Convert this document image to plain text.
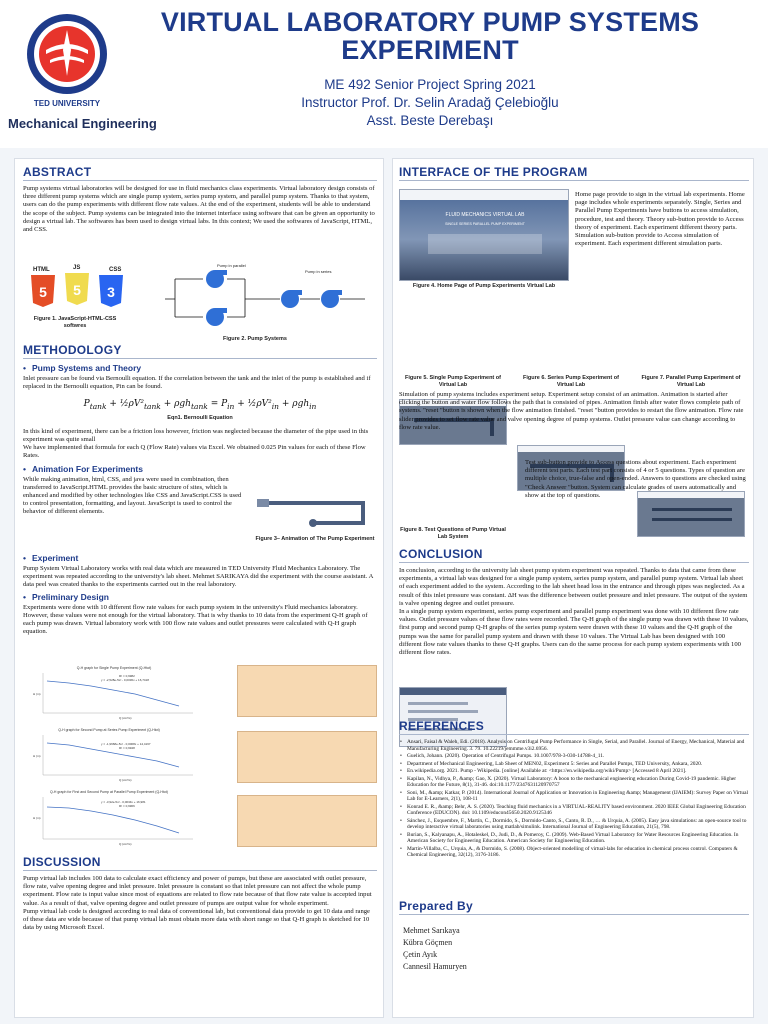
TED UNIVERSITY
Mechanical Engineering
VIRTUAL LABORATORY PUMP SYSTEMS EXPERIMENT
ME 492 Senior Project Spring 2021
Instructor Prof. Dr. Selin Aradağ Çelebioğlu
Asst. Beste Derebaşı
ABSTRACT
Pump systems virtual laboratories will be designed for use in fluid mechanics class experiments. Virtual laboratory design consists of three different pump systems which are single pump system, series pump system, and parallel pump system. Thanks to that system, users can do the pump experiments with different flow rate values. At the end of the experiment, students will be able to understand the scope of the subject. Pump systems can be integrated into the internet interface using software that can be given an opportunity to design a virtual lab. The softwares has been used to design virtual labs. In this context; We used the softwares of JavaScript, HTML, and CSS.
HTML
5
JS
5
CSS
3
Figure 1. JavaScript-HTML-CSS softwres
Pump in parallel
Pump in series
Figure 2. Pump Systems
METHODOLOGY
• Pump Systems and Theory
Inlet pressure can be found via Bernoulli equation. If the correlation between the tank and the inlet of the pump is established and if replaced in the Bernoulli equation, Pin can be found.
$P_{tank}$ + $\frac{1}{2}\rho V^2_{tank} + \rho gh_{tank} = P_{in}$ + $\frac{1}{2}\rho V^2_{in} + \rho gh_{in}$
Eqn1. Bernoulli Equation
In this kind of experiment, there can be a friction loss however, friction was neglected because the diameter of the pipe used in this experiment was quite small
We have implemented that formula for each Q (Flow Rate) values via Excel. We obtained 0.025 Pin values for each of these Flow Rates.
• Animation For Experiments
While making animation, html, CSS, and java were used in combination, then transferred to JavaScript.HTML provides the basic structure of sites, which is enhanced and modified by other technologies like CSS and JavaScript.CSS is used to control presentation, formatting, and layout. JavaScript is used to control the behavior of different elements.
Figure 3– Animation of The Pump Experiment
• Experiment
Pump System Virtual Laboratory works with real data which are measured in TED University Fluid Mechanics Laboratory. The experiment was repeated according to the university's lab sheet. Mehmet SARIKAYA did the experiment with the course assistant. A data peel was created thanks to the experiments carried out in the real laboratory.
• Preliminary Design
Experiments were done with 10 different flow rate values for each pump system in the university's Fluid mechanics laboratory. However, these values were not enough for the virtual laboratory. That is why thanks to 10 data from the experiment Q-H graph of each pump was drawn. Virtual laboratory work with 100 flow rate values and outlet pressures were calculated with Q-H graph equation.
Q-H graph for Single Pump Experiment (Q-Htot)
y = -2,528e-5x² - 0,0036x + 16,7418
R² = 0,9982
Q (cm³/s)
H (m)
Q-H graph for Second Pump at Series Pump Experiment (Q-Htot)
y = -1,9668e-5x² - 0,0008x + 14,4167
R² = 0,9948
Q (cm³/s)
H (m)
Q-H graph for First and Second Pump at Parallel Pump Experiment (Q-Htot)
y = -3,92e-5x² - 0,0034x + 16,981
R² = 0,9966
Q (cm³/s)
H (m)
DISCUSSION
Pump virtual lab includes 100 data to calculate exact efficiency and power of pumps, but these are associated with outlet pressure, flow rate, valve opening degree and inlet pressure. Inlet pressure is constant so that inlet pressure can not affect the whole pump experiment. Flow rate is input value since most of equations are related to flow rate because of that flow rate value is accepted input value. As a result of that, valve opening degree and outlet pressure of pumps are output value for whole experiment.
Pump virtual lab code is designed according to real data of conventional lab, but conventional data provide to get 10 data and range of these data are wide because of that pump virtual lab must obtain more data with short range so that Q-H graph is sketched for 10 data by using Microsoft Excel.
INTERFACE OF THE PROGRAM
FLUID MECHANICS VIRTUAL LAB
SINGLE SERIES PARALLEL PUMP EXPERIMENT
Figure 4. Home Page of Pump Experiments Virtual Lab
Home page provide to sign in the virtual lab experiments. Home page includes whole experiments separately. Single, Series and Parallel Pump Experiments have buttons to access simulation, procedure, test and theory. Theory sub-button provide to Access theory of experiment. Each experiment different theory parts. Simulation sub-button provide to Access simulation of experiment. Each experiment different simulation parts.
Figure 5. Single Pump Experiment of Virtual Lab
Figure 6. Series Pump Experiment of Virtual Lab
Figure 7. Parallel Pump Experiment of Virtual Lab
Simulation of pump systems includes experiment setup. Experiment setup consist of an animation. Animation is started after clicking the button and water flow follows the path that is consisted of pipes. Animation finish after water flows complete path of systems. "reset "button is shown when the flow animation finished. "reset "button provides to restart the flow animation. Flow rate slider provides to set flow rate value and valve opening degree of pump systems. Outlet pressure value can change according to flow rate value.
Figure 8. Test Questions of Pump Virtual Lab System
Test sub-button provide to Access questions about experiment. Each experiment different test parts. Each test part consists of 4 or 5 questions. Types of question are multiple choice, true-false and open-ended. Answers to questions are checked using "Check Answer "button. System can calculate grades of users automatically and show at the top of questions.
CONCLUSION
In conclusion, according to the university lab sheet pump system experiment was repeated. Thanks to data that came from these experiments, a virtual lab was designed for a single pump system, series pump system, and parallel pump system. Virtual lab sheet of each experiment added to the system. According to the lab sheet head loss in the entrance and through pipes was neglected. As a result of this inlet pressure was constant. ΔH was the difference between outlet pressure and inlet pressure. The output of the system is valve opening degree and outlet pressure.
In a single pump system experiment, series pump experiment and parallel pump experiment was done with 10 different flow rate values. Outlet pressure values of these flow rates were recorded. The Q-H graph of the single pump was drawn with these 10 values, first pump and second pump Q-H graphs of the series pump system were drawn with these 10 values and the Q-H graph of the pumps was the same for parallel pump system and drawn with these 10 values. The Virtual Lab has been designed with 100 different flow rate values thanks to these Q-H graphs. Users can do the same process for each pump system experiments with 100 different flow rates.
REFERENCES
• Ansari, Faisal & Waleh, Edi. (2018). Analysis on Centrifugal Pump Performance in Single, Serial, and Parallel. Journal of Energy, Mechanical, Material and Manufacturing Engineering. 3. 79. 10.22219/jemmme.v3i2.6956.
• Guelich, Johann. (2020). Operation of Centrifugal Pumps. 10.1007/978-3-030-14788-4_11.
• Department of Mechanical Engineering, Lab Sheet of MEN02, Experiment 5: Series and Parallel Pumps, TED University, Ankara, 2020.
• En.wikipedia.org. 2021. Pump - Wikipedia. [online] Available at: <https://en.wikipedia.org/wiki/Pump> [Accessed 8 April 2021].
• Kapilan, N., Vidhya, P., &amp; Gao, X. (2020). Virtual Laboratory: A boon to the mechanical engineering education During Covid-19 pandemic. Higher Education for the Future, 8(1), 31-46. doi:10.1177/2347631120970757
• Soni, M., &amp; Katkar, P. (2014). International Journal of Application or Innovation in Engineering &amp; Management (IJAIEM): Survey Paper on Virtual Lab for E-Learners, 2(1), 108-11
• Konrad E. R., &amp; Behr, A. S. (2020). Teaching fluid mechanics in a VIRTUAL-REALITY based environment. 2020 IEEE Global Engineering Education Conference (EDUCON). doi: 10.1109/educon45650.2020.9125346
• Sánchez, J., Esquembre, F., Martín, C., Dormido, S., Dormido-Canto, S., Canto, R. D., … & Urquia, A. (2005). Easy java simulations: an open-source tool to develop interactive virtual laboratories using matlab/simulink. International Journal of Engineering Education, 21(5), 798.
• Burian, S., Kalyanapu, A., Hotaleskel, D., Judi, D., & Pomeroy, C. (2009). Web-Based Virtual Laboratory for Water Resources Engineering Education. In American Society for Engineering Education. American Society for Engineering Education.
• Martin-Villalba, C., Urquia, A., & Dormido, S. (2008). Object-oriented modelling of virtual-labs for education in chemical process control. Computers & Chemical Engineering, 32(12), 3176-3186.
Prepared By
Mehmet Sarıkaya
Kübra Göçmen
Çetin Ayık
Cannesil Hamuryen
